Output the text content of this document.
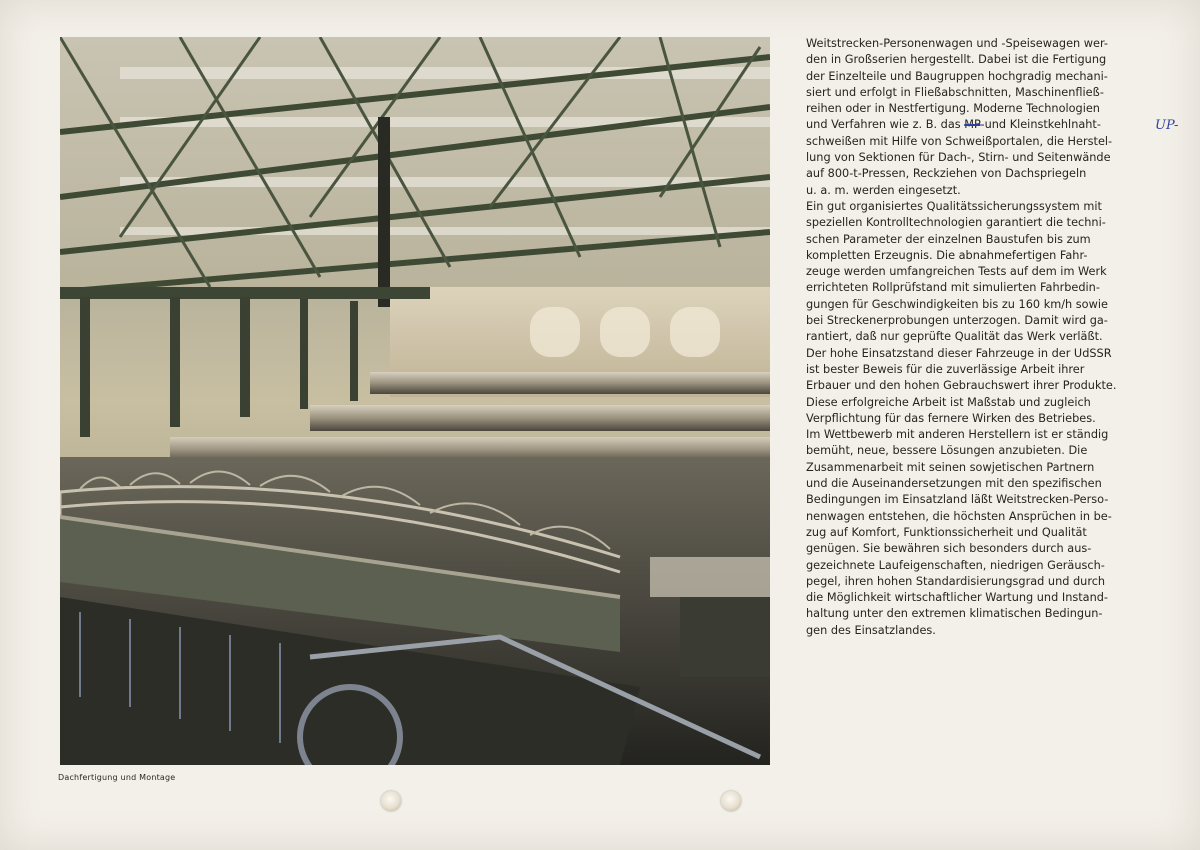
Dachfertigung und Montage

Weitstrecken-Personenwagen und -Speisewagen wer-

den in Großserien hergestellt. Dabei ist die Fertigung

der Einzelteile und Baugruppen hochgradig mechani-

siert und erfolgt in Fließabschnitten, Maschinenfließ-

reihen oder in Nestfertigung. Moderne Technologien

und Verfahren wie z. B. das MP-und Kleinstkehlnaht-

schweißen mit Hilfe von Schweißportalen, die Herstel-

lung von Sektionen für Dach-, Stirn- und Seitenwände

auf 800-t-Pressen, Reckziehen von Dachspriegeln

u. a. m. werden eingesetzt.

Ein gut organisiertes Qualitätssicherungssystem mit

speziellen Kontrolltechnologien garantiert die techni-

schen Parameter der einzelnen Baustufen bis zum

kompletten Erzeugnis. Die abnahmefertigen Fahr-

zeuge werden umfangreichen Tests auf dem im Werk

errichteten Rollprüfstand mit simulierten Fahrbedin-

gungen für Geschwindigkeiten bis zu 160 km/h sowie

bei Streckenerprobungen unterzogen. Damit wird ga-

rantiert, daß nur geprüfte Qualität das Werk verläßt.

Der hohe Einsatzstand dieser Fahrzeuge in der UdSSR

ist bester Beweis für die zuverlässige Arbeit ihrer

Erbauer und den hohen Gebrauchswert ihrer Produkte.

Diese erfolgreiche Arbeit ist Maßstab und zugleich

Verpflichtung für das fernere Wirken des Betriebes.

Im Wettbewerb mit anderen Herstellern ist er ständig

bemüht, neue, bessere Lösungen anzubieten. Die

Zusammenarbeit mit seinen sowjetischen Partnern

und die Auseinandersetzungen mit den spezifischen

Bedingungen im Einsatzland läßt Weitstrecken-Perso-

nenwagen entstehen, die höchsten Ansprüchen in be-

zug auf Komfort, Funktionssicherheit und Qualität

genügen. Sie bewähren sich besonders durch aus-

gezeichnete Laufeigenschaften, niedrigen Geräusch-

pegel, ihren hohen Standardisierungsgrad und durch

die Möglichkeit wirtschaftlicher Wartung und Instand-

haltung unter den extremen klimatischen Bedingun-

gen des Einsatzlandes.

UP-
